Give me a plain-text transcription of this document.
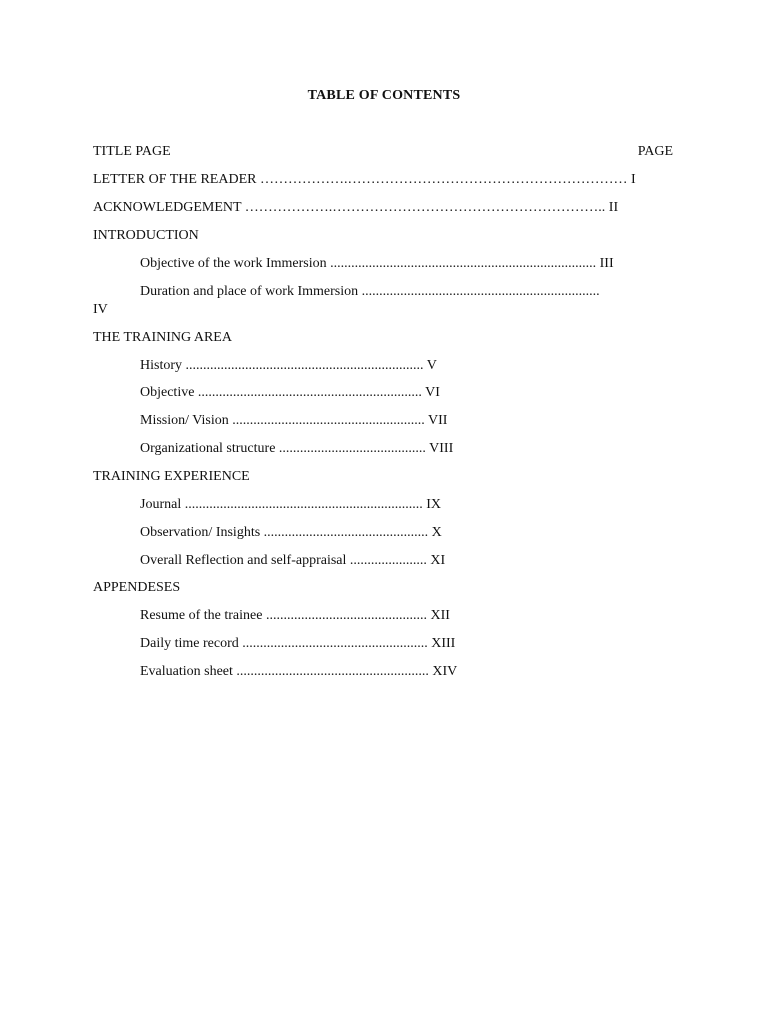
TABLE OF CONTENTS
TITLE PAGE	PAGE
LETTER OF THE READER ……………….…………………………………………………… I
ACKNOWLEDGEMENT ……………….………………………………………………….. II
INTRODUCTION
Objective of the work Immersion ............................................................................ III
Duration and place of work Immersion ....................................................................
IV
THE TRAINING AREA
History .................................................................... V
Objective ................................................................ VI
Mission/ Vision ....................................................... VII
Organizational structure .......................................... VIII
TRAINING EXPERIENCE
Journal .................................................................... IX
Observation/ Insights ............................................... X
Overall Reflection and self-appraisal ...................... XI
APPENDESES
Resume of the trainee .............................................. XII
Daily time record ..................................................... XIII
Evaluation sheet ....................................................... XIV
